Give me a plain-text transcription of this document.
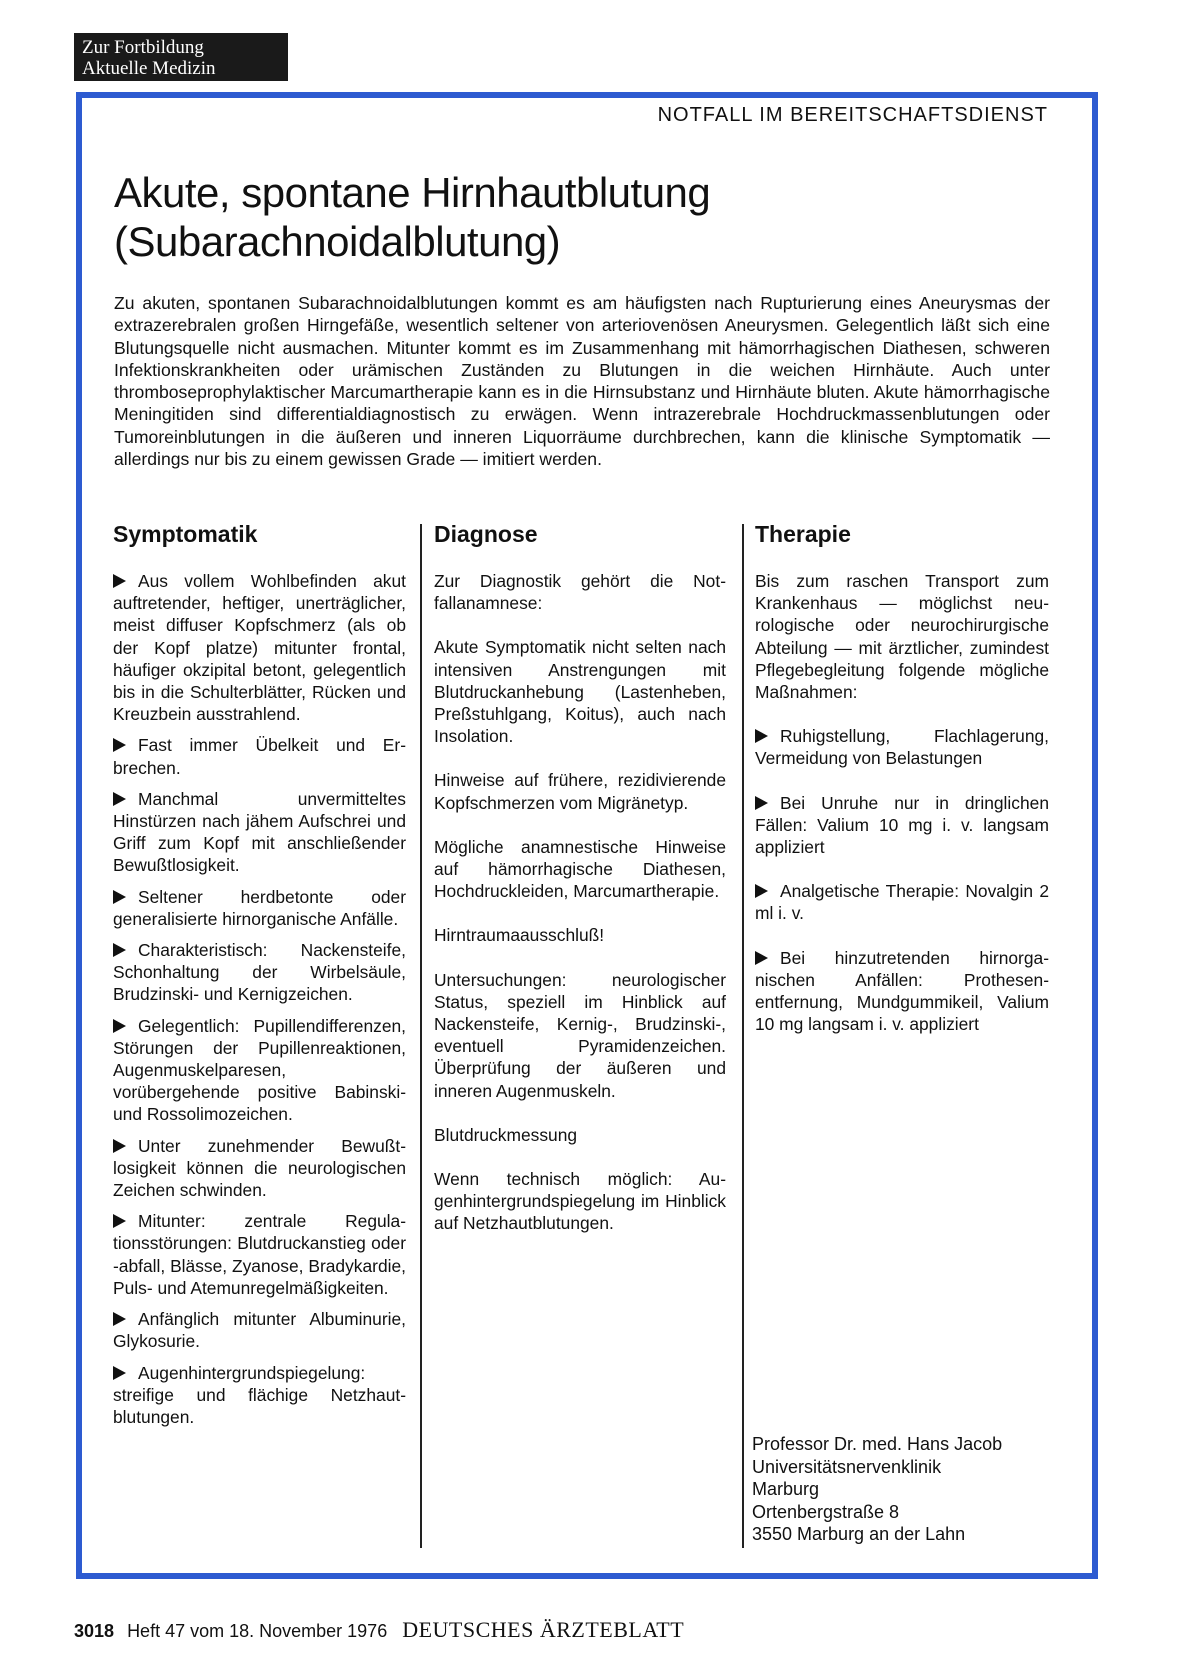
Zur Fortbildung
Aktuelle Medizin
NOTFALL IM BEREITSCHAFTSDIENST
Akute, spontane Hirnhautblutung
(Subarachnoidalblutung)

Zu akuten, spontanen Subarachnoidalblutungen kommt es am häufigsten nach Rupturierung eines Aneurysmas der extrazerebralen großen Hirngefäße, wesentlich seltener von arteriovenösen Aneurysmen. Gelegentlich läßt sich eine Blutungsquelle nicht ausmachen. Mitunter kommt es im Zusammenhang mit hämorrhagischen Diathesen, schweren Infektionskrankheiten oder urämischen Zuständen zu Blutungen in die weichen Hirnhäute. Auch unter thromboseprophylaktischer Marcumartherapie kann es in die Hirnsubstanz und Hirnhäute bluten. Akute hämorrhagische Meningitiden sind differentialdiagnostisch zu erwägen. Wenn intrazerebrale Hochdruckmassenblutungen oder Tumoreinblutungen in die äußeren und inneren Liquorräume durchbrechen, kann die klinische Symptomatik — allerdings nur bis zu einem gewissen Grade — imitiert werden.

Symptomatik

Aus vollem Wohlbefinden akut auftretender, heftiger, unerträglicher, meist diffuser Kopfschmerz (als ob der Kopf platze) mitunter frontal, häufiger okzipital betont, gelegentlich bis in die Schulterblätter, Rücken und Kreuzbein ausstrahlend.

Fast immer Übelkeit und Erbrechen.

Manchmal unvermitteltes Hinstürzen nach jähem Aufschrei und Griff zum Kopf mit anschließender Bewußtlosigkeit.

Seltener herdbetonte oder generalisierte hirnorganische Anfälle.

Charakteristisch: Nackensteife, Schonhaltung der Wirbelsäule, Brudzinski- und Kernigzeichen.

Gelegentlich: Pupillendifferenzen, Störungen der Pupillenreaktionen, Augenmuskelparesen, vorübergehende positive Babinski- und Rossolimozeichen.

Unter zunehmender Bewußtlosigkeit können die neurologischen Zeichen schwinden.

Mitunter: zentrale Regulationsstörungen: Blutdruckanstieg oder -abfall, Blässe, Zyanose, Bradykardie, Puls- und Atemunregelmäßigkeiten.

Anfänglich mitunter Albuminurie, Glykosurie.

Augenhintergrundspiegelung: streifige und flächige Netzhautblutungen.

Diagnose

Zur Diagnostik gehört die Notfallanamnese:

Akute Symptomatik nicht selten nach intensiven Anstrengungen mit Blutdruckanhebung (Lastenheben, Preßstuhlgang, Koitus), auch nach Insolation.

Hinweise auf frühere, rezidivierende Kopfschmerzen vom Migränetyp.

Mögliche anamnestische Hinweise auf hämorrhagische Diathesen, Hochdruckleiden, Marcumartherapie.

Hirntraumaausschluß!

Untersuchungen: neurologischer Status, speziell im Hinblick auf Nackensteife, Kernig-, Brudzinski-, eventuell Pyramidenzeichen. Überprüfung der äußeren und inneren Augenmuskeln.

Blutdruckmessung

Wenn technisch möglich: Augenhintergrundspiegelung im Hinblick auf Netzhautblutungen.

Therapie

Bis zum raschen Transport zum Krankenhaus — möglichst neurologische oder neurochirurgische Abteilung — mit ärztlicher, zumindest Pflegebegleitung folgende mögliche Maßnahmen:

Ruhigstellung, Flachlagerung, Vermeidung von Belastungen

Bei Unruhe nur in dringlichen Fällen: Valium 10 mg i. v. langsam appliziert

Analgetische Therapie: Novalgin 2 ml i. v.

Bei hinzutretenden hirnorganischen Anfällen: Prothesenentfernung, Mundgummikeil, Valium 10 mg langsam i. v. appliziert

Professor Dr. med. Hans Jacob
Universitätsnervenklinik
Marburg
Ortenbergstraße 8
3550 Marburg an der Lahn
3018 Heft 47 vom 18. November 1976 DEUTSCHES ÄRZTEBLATT
